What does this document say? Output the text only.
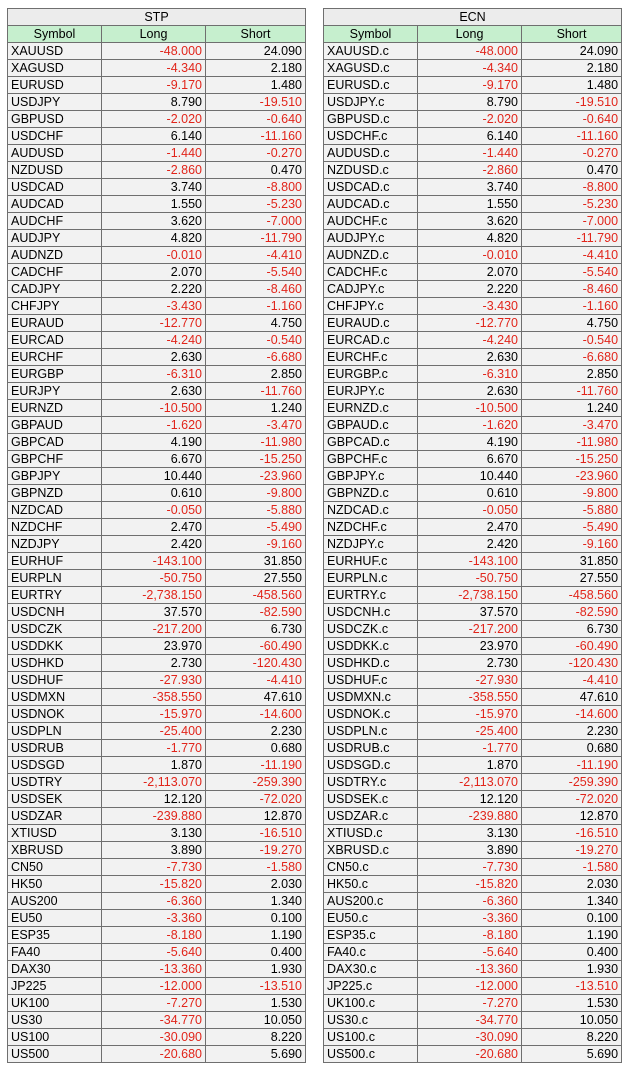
STP		
Symbol	Long	Short
XAUUSD	-48.000	24.090
XAGUSD	-4.340	2.180
EURUSD	-9.170	1.480
USDJPY	8.790	-19.510
GBPUSD	-2.020	-0.640
USDCHF	6.140	-11.160
AUDUSD	-1.440	-0.270
NZDUSD	-2.860	0.470
USDCAD	3.740	-8.800
AUDCAD	1.550	-5.230
AUDCHF	3.620	-7.000
AUDJPY	4.820	-11.790
AUDNZD	-0.010	-4.410
CADCHF	2.070	-5.540
CADJPY	2.220	-8.460
CHFJPY	-3.430	-1.160
EURAUD	-12.770	4.750
EURCAD	-4.240	-0.540
EURCHF	2.630	-6.680
EURGBP	-6.310	2.850
EURJPY	2.630	-11.760
EURNZD	-10.500	1.240
GBPAUD	-1.620	-3.470
GBPCAD	4.190	-11.980
GBPCHF	6.670	-15.250
GBPJPY	10.440	-23.960
GBPNZD	0.610	-9.800
NZDCAD	-0.050	-5.880
NZDCHF	2.470	-5.490
NZDJPY	2.420	-9.160
EURHUF	-143.100	31.850
EURPLN	-50.750	27.550
EURTRY	-2,738.150	-458.560
USDCNH	37.570	-82.590
USDCZK	-217.200	6.730
USDDKK	23.970	-60.490
USDHKD	2.730	-120.430
USDHUF	-27.930	-4.410
USDMXN	-358.550	47.610
USDNOK	-15.970	-14.600
USDPLN	-25.400	2.230
USDRUB	-1.770	0.680
USDSGD	1.870	-11.190
USDTRY	-2,113.070	-259.390
USDSEK	12.120	-72.020
USDZAR	-239.880	12.870
XTIUSD	3.130	-16.510
XBRUSD	3.890	-19.270
CN50	-7.730	-1.580
HK50	-15.820	2.030
AUS200	-6.360	1.340
EU50	-3.360	0.100
ESP35	-8.180	1.190
FA40	-5.640	0.400
DAX30	-13.360	1.930
JP225	-12.000	-13.510
UK100	-7.270	1.530
US30	-34.770	10.050
US100	-30.090	8.220
US500	-20.680	5.690
ECN		
Symbol	Long	Short
XAUUSD.c	-48.000	24.090
XAGUSD.c	-4.340	2.180
EURUSD.c	-9.170	1.480
USDJPY.c	8.790	-19.510
GBPUSD.c	-2.020	-0.640
USDCHF.c	6.140	-11.160
AUDUSD.c	-1.440	-0.270
NZDUSD.c	-2.860	0.470
USDCAD.c	3.740	-8.800
AUDCAD.c	1.550	-5.230
AUDCHF.c	3.620	-7.000
AUDJPY.c	4.820	-11.790
AUDNZD.c	-0.010	-4.410
CADCHF.c	2.070	-5.540
CADJPY.c	2.220	-8.460
CHFJPY.c	-3.430	-1.160
EURAUD.c	-12.770	4.750
EURCAD.c	-4.240	-0.540
EURCHF.c	2.630	-6.680
EURGBP.c	-6.310	2.850
EURJPY.c	2.630	-11.760
EURNZD.c	-10.500	1.240
GBPAUD.c	-1.620	-3.470
GBPCAD.c	4.190	-11.980
GBPCHF.c	6.670	-15.250
GBPJPY.c	10.440	-23.960
GBPNZD.c	0.610	-9.800
NZDCAD.c	-0.050	-5.880
NZDCHF.c	2.470	-5.490
NZDJPY.c	2.420	-9.160
EURHUF.c	-143.100	31.850
EURPLN.c	-50.750	27.550
EURTRY.c	-2,738.150	-458.560
USDCNH.c	37.570	-82.590
USDCZK.c	-217.200	6.730
USDDKK.c	23.970	-60.490
USDHKD.c	2.730	-120.430
USDHUF.c	-27.930	-4.410
USDMXN.c	-358.550	47.610
USDNOK.c	-15.970	-14.600
USDPLN.c	-25.400	2.230
USDRUB.c	-1.770	0.680
USDSGD.c	1.870	-11.190
USDTRY.c	-2,113.070	-259.390
USDSEK.c	12.120	-72.020
USDZAR.c	-239.880	12.870
XTIUSD.c	3.130	-16.510
XBRUSD.c	3.890	-19.270
CN50.c	-7.730	-1.580
HK50.c	-15.820	2.030
AUS200.c	-6.360	1.340
EU50.c	-3.360	0.100
ESP35.c	-8.180	1.190
FA40.c	-5.640	0.400
DAX30.c	-13.360	1.930
JP225.c	-12.000	-13.510
UK100.c	-7.270	1.530
US30.c	-34.770	10.050
US100.c	-30.090	8.220
US500.c	-20.680	5.690
